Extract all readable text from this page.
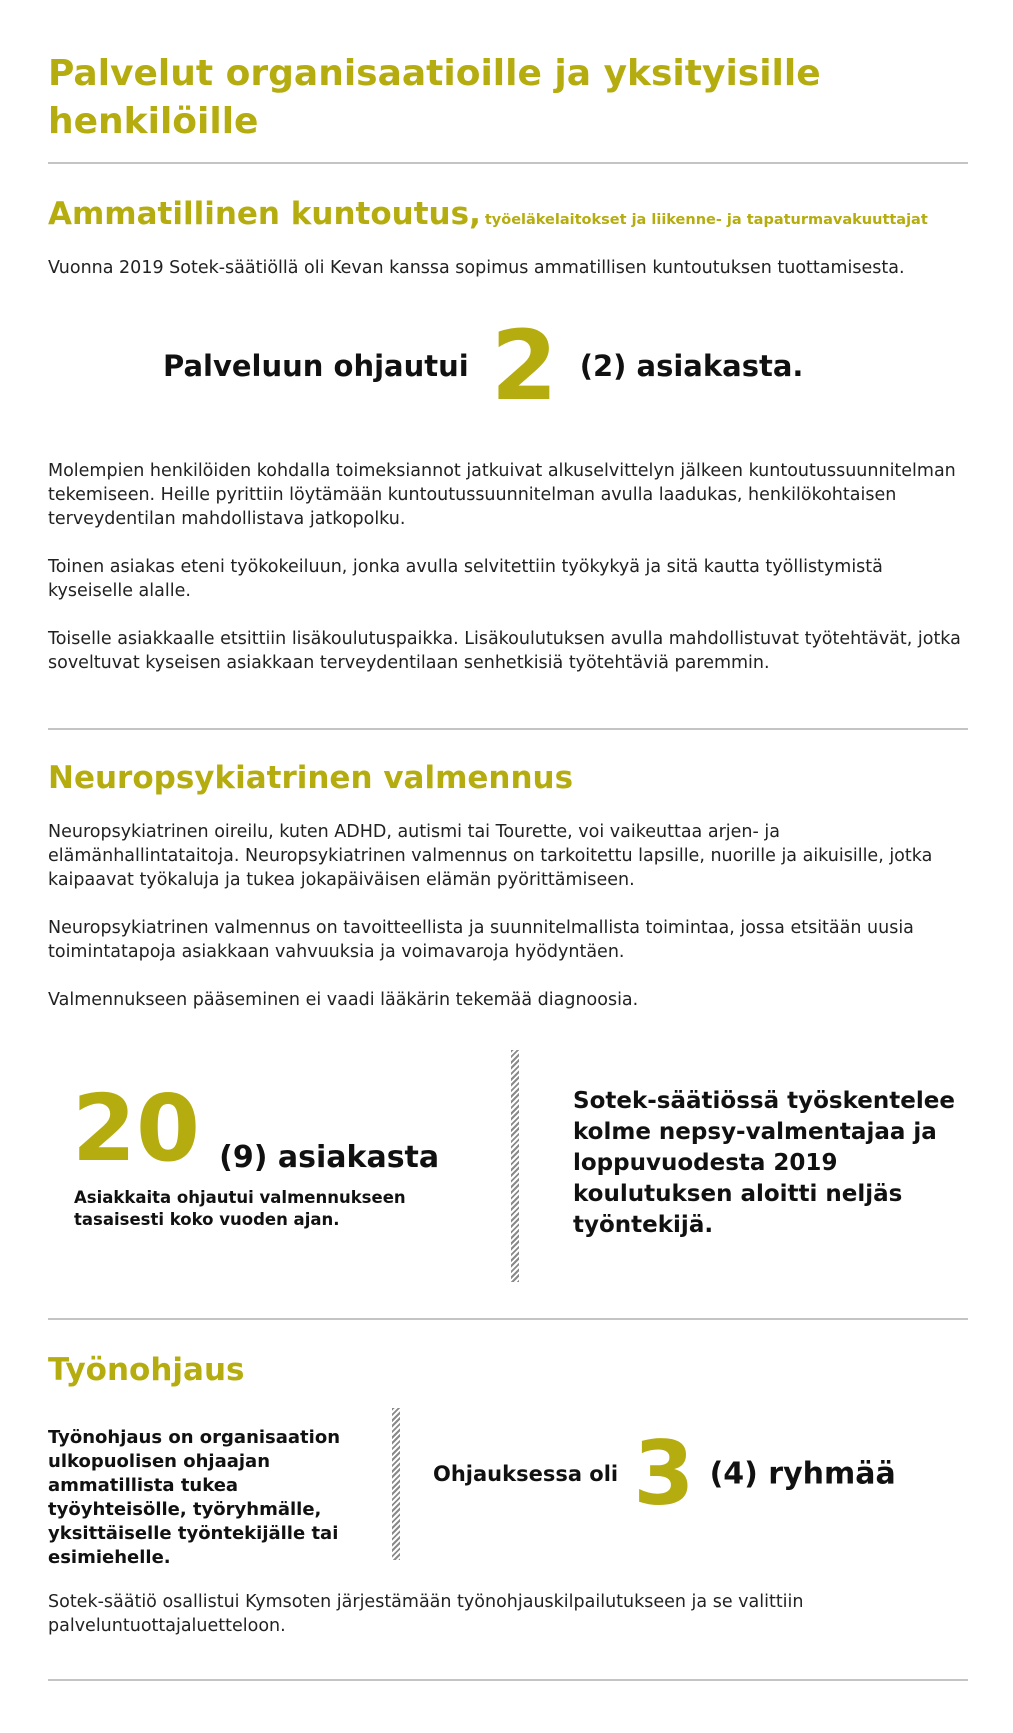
Palvelut organisaatioille ja yksityisille henkilöille
Ammatillinen kuntoutus, työeläkelaitokset ja liikenne- ja tapaturmavakuuttajat

Vuonna 2019 Sotek-säätiöllä oli Kevan kanssa sopimus ammatillisen kuntoutuksen tuottamisesta.

Palveluun ohjautui 2 (2) asiakasta.

Molempien henkilöiden kohdalla toimeksiannot jatkuivat alkuselvittelyn jälkeen kuntoutussuunnitelman tekemiseen. Heille pyrittiin löytämään kuntoutussuunnitelman avulla laadukas, henkilökohtaisen terveydentilan mahdollistava jatkopolku.

Toinen asiakas eteni työkokeiluun, jonka avulla selvitettiin työkykyä ja sitä kautta työllistymistä kyseiselle alalle.

Toiselle asiakkaalle etsittiin lisäkoulutuspaikka. Lisäkoulutuksen avulla mahdollistuvat työtehtävät, jotka soveltuvat kyseisen asiakkaan terveydentilaan senhetkisiä työtehtäviä paremmin.

Neuropsykiatrinen valmennus

Neuropsykiatrinen oireilu, kuten ADHD, autismi tai Tourette, voi vaikeuttaa arjen- ja elämänhallintataitoja. Neuropsykiatrinen valmennus on tarkoitettu lapsille, nuorille ja aikuisille, jotka kaipaavat työkaluja ja tukea jokapäiväisen elämän pyörittämiseen.

Neuropsykiatrinen valmennus on tavoitteellista ja suunnitelmallista toimintaa, jossa etsitään uusia toimintatapoja asiakkaan vahvuuksia ja voimavaroja hyödyntäen.

Valmennukseen pääseminen ei vaadi lääkärin tekemää diagnoosia.

20 (9) asiakasta

Asiakkaita ohjautui valmennukseen tasaisesti koko vuoden ajan.

Sotek-säätiössä työskentelee kolme nepsy-valmentajaa ja loppuvuodesta 2019 koulutuksen aloitti neljäs työntekijä.

Työnohjaus

Työnohjaus on organisaation ulkopuolisen ohjaajan ammatillista tukea työyhteisölle, työryhmälle, yksittäiselle työntekijälle tai esimiehelle.

Ohjauksessa oli 3 (4) ryhmää

Sotek-säätiö osallistui Kymsoten järjestämään työnohjauskilpailutukseen ja se valittiin palveluntuottajaluetteloon.
